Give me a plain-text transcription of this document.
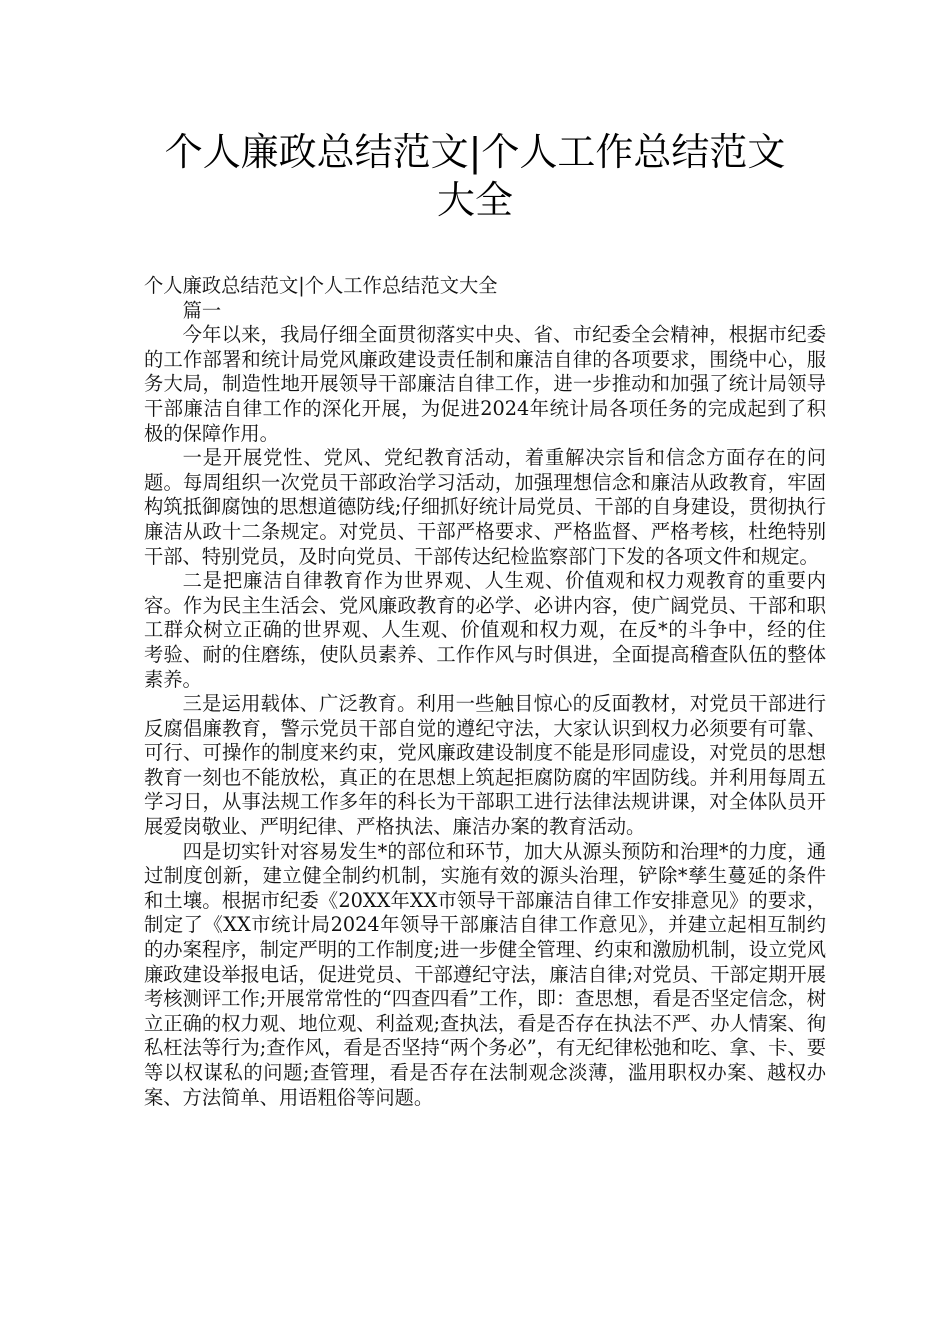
个人廉政总结范文|个人工作总结范文
大全

个人廉政总结范文|个人工作总结范文大全

篇一

今年以来，我局仔细全面贯彻落实中央、省、市纪委全会精神，根据市纪委的工作部署和统计局党风廉政建设责任制和廉洁自律的各项要求，围绕中心，服务大局，制造性地开展领导干部廉洁自律工作，进一步推动和加强了统计局领导干部廉洁自律工作的深化开展，为促进2024年统计局各项任务的完成起到了积极的保障作用。

一是开展党性、党风、党纪教育活动，着重解决宗旨和信念方面存在的问题。每周组织一次党员干部政治学习活动，加强理想信念和廉洁从政教育，牢固构筑抵御腐蚀的思想道德防线;仔细抓好统计局党员、干部的自身建设，贯彻执行廉洁从政十二条规定。对党员、干部严格要求、严格监督、严格考核，杜绝特别干部、特别党员，及时向党员、干部传达纪检监察部门下发的各项文件和规定。

二是把廉洁自律教育作为世界观、人生观、价值观和权力观教育的重要内容。作为民主生活会、党风廉政教育的必学、必讲内容，使广阔党员、干部和职工群众树立正确的世界观、人生观、价值观和权力观，在反*的斗争中，经的住考验、耐的住磨练，使队员素养、工作作风与时俱进，全面提高稽查队伍的整体素养。

三是运用载体、广泛教育。利用一些触目惊心的反面教材，对党员干部进行反腐倡廉教育，警示党员干部自觉的遵纪守法，大家认识到权力必须要有可靠、可行、可操作的制度来约束，党风廉政建设制度不能是形同虚设，对党员的思想教育一刻也不能放松，真正的在思想上筑起拒腐防腐的牢固防线。并利用每周五学习日，从事法规工作多年的科长为干部职工进行法律法规讲课，对全体队员开展爱岗敬业、严明纪律、严格执法、廉洁办案的教育活动。

四是切实针对容易发生*的部位和环节，加大从源头预防和治理*的力度，通过制度创新，建立健全制约机制，实施有效的源头治理，铲除*孳生蔓延的条件和土壤。根据市纪委《20XX年XX市领导干部廉洁自律工作安排意见》的要求，制定了《XX市统计局2024年领导干部廉洁自律工作意见》，并建立起相互制约的办案程序，制定严明的工作制度;进一步健全管理、约束和激励机制，设立党风廉政建设举报电话，促进党员、干部遵纪守法，廉洁自律;对党员、干部定期开展考核测评工作;开展常常性的“四查四看”工作，即：查思想，看是否坚定信念，树立正确的权力观、地位观、利益观;查执法，看是否存在执法不严、办人情案、徇私枉法等行为;查作风，看是否坚持“两个务必”，有无纪律松弛和吃、拿、卡、要等以权谋私的问题;查管理，看是否存在法制观念淡薄，滥用职权办案、越权办案、方法简单、用语粗俗等问题。
